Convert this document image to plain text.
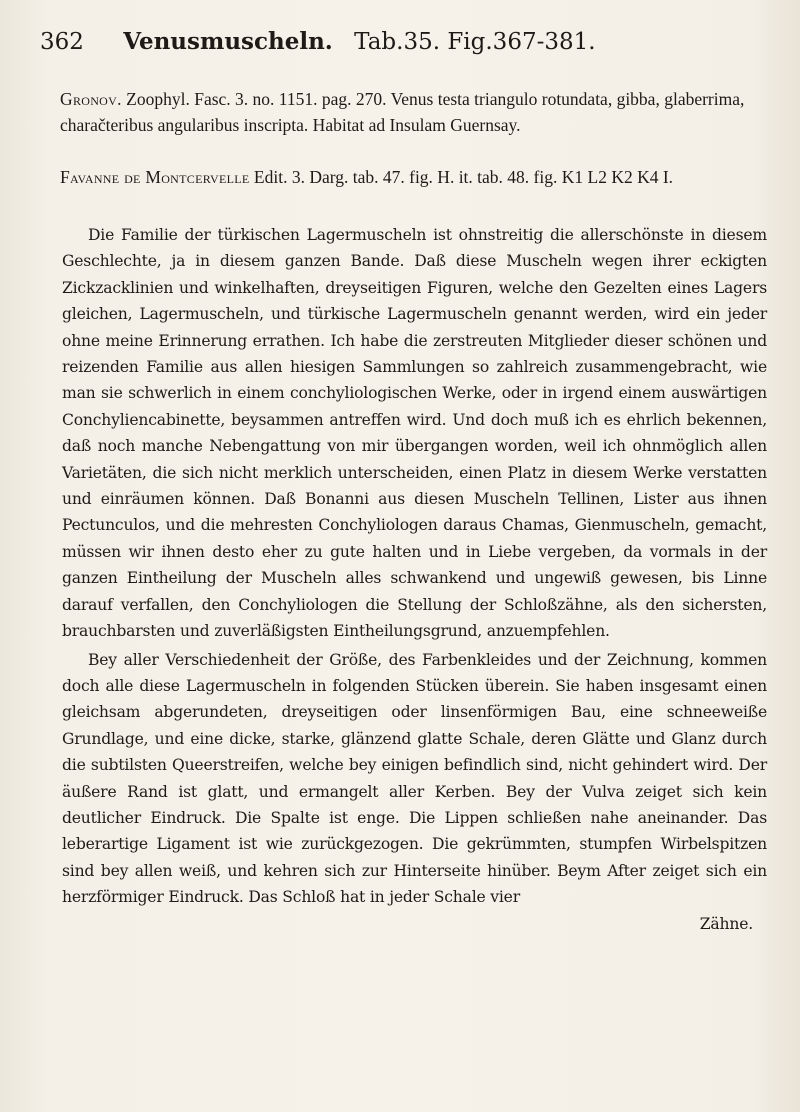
362 Venusmuscheln. Tab.35. Fig.367-381.
Gronov. Zoophyl. Fasc. 3. no. 1151. pag. 270. Venus testa triangulo rotundata, gibba, glaberrima, charačteribus angularibus inscripta. Habitat ad Insulam Guernsay.
Favanne de Montcervelle Edit. 3. Darg. tab. 47. fig. H. it. tab. 48. fig. K1 L2 K2 K4 I.

Die Familie der türkischen Lagermuscheln ist ohnstreitig die allerschönste in diesem Geschlechte, ja in diesem ganzen Bande. Daß diese Muscheln wegen ihrer eckigten Zickzacklinien und winkelhaften, dreyseitigen Figuren, welche den Gezelten eines Lagers gleichen, Lagermuscheln, und türkische Lagermuscheln genannt werden, wird ein jeder ohne meine Erinnerung errathen. Ich habe die zerstreuten Mitglieder dieser schönen und reizenden Familie aus allen hiesigen Sammlungen so zahlreich zusammengebracht, wie man sie schwerlich in einem conchyliologischen Werke, oder in irgend einem auswärtigen Conchyliencabinette, beysammen antreffen wird. Und doch muß ich es ehrlich bekennen, daß noch manche Nebengattung von mir übergangen worden, weil ich ohnmöglich allen Varietäten, die sich nicht merklich unterscheiden, einen Platz in diesem Werke verstatten und einräumen können. Daß Bonanni aus diesen Muscheln Tellinen, Lister aus ihnen Pectunculos, und die mehresten Conchyliologen daraus Chamas, Gienmuscheln, gemacht, müssen wir ihnen desto eher zu gute halten und in Liebe vergeben, da vormals in der ganzen Eintheilung der Muscheln alles schwankend und ungewiß gewesen, bis Linne darauf verfallen, den Conchyliologen die Stellung der Schloßzähne, als den sichersten, brauchbarsten und zuverläßigsten Eintheilungsgrund, anzuempfehlen.

Bey aller Verschiedenheit der Größe, des Farbenkleides und der Zeichnung, kommen doch alle diese Lagermuscheln in folgenden Stücken überein. Sie haben insgesamt einen gleichsam abgerundeten, dreyseitigen oder linsenförmigen Bau, eine schneeweiße Grundlage, und eine dicke, starke, glänzend glatte Schale, deren Glätte und Glanz durch die subtilsten Queerstreifen, welche bey einigen befindlich sind, nicht gehindert wird. Der äußere Rand ist glatt, und ermangelt aller Kerben. Bey der Vulva zeiget sich kein deutlicher Eindruck. Die Spalte ist enge. Die Lippen schließen nahe aneinander. Das leberartige Ligament ist wie zurückgezogen. Die gekrümmten, stumpfen Wirbelspitzen sind bey allen weiß, und kehren sich zur Hinterseite hinüber. Beym After zeiget sich ein herzförmiger Eindruck. Das Schloß hat in jeder Schale vier

Zähne.
